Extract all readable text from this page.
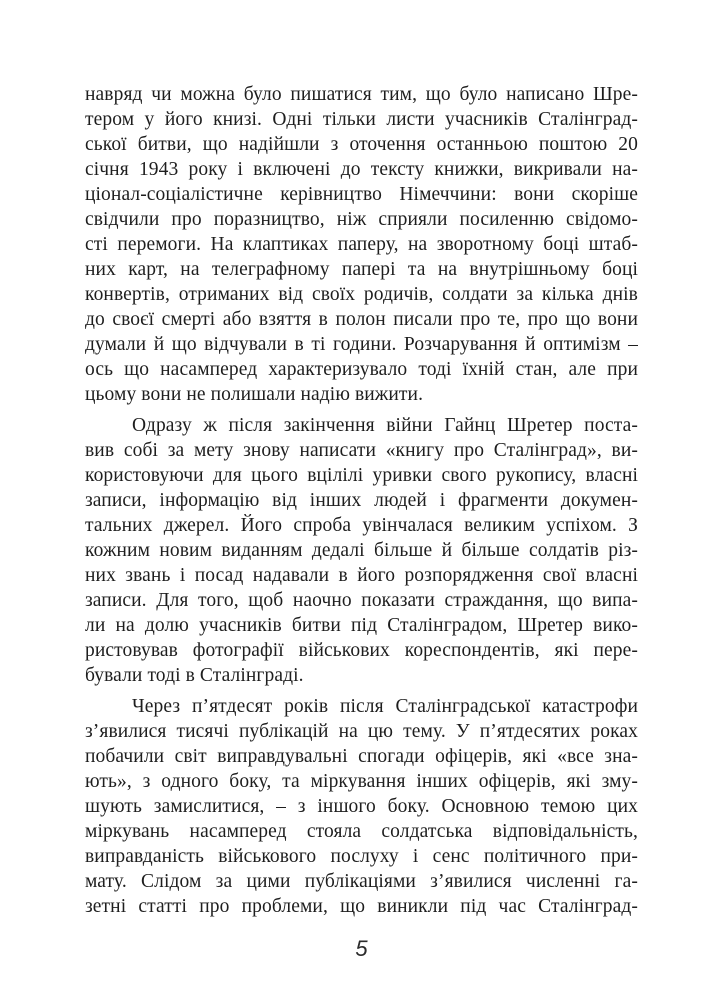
навряд чи можна було пишатися тим, що було написано Шре-
тером у його книзі. Одні тільки листи учасників Сталінград-
ської битви, що надійшли з оточення останньою поштою 20
січня 1943 року і включені до тексту книжки, викривали на-
ціонал-соціалістичне керівництво Німеччини: вони скоріше
свідчили про поразництво, ніж сприяли посиленню свідомо-
сті перемоги. На клаптиках паперу, на зворотному боці штаб-
них карт, на телеграфному папері та на внутрішньому боці
конвертів, отриманих від своїх родичів, солдати за кілька днів
до своєї смерті або взяття в полон писали про те, про що вони
думали й що відчували в ті години. Розчарування й оптимізм –
ось що насамперед характеризувало тоді їхній стан, але при
цьому вони не полишали надію вижити.

Одразу ж після закінчення війни Гайнц Шретер поста-
вив собі за мету знову написати «книгу про Сталінград», ви-
користовуючи для цього вцілілі уривки свого рукопису, власні
записи, інформацію від інших людей і фрагменти докумен-
тальних джерел. Його спроба увінчалася великим успіхом. З
кожним новим виданням дедалі більше й більше солдатів різ-
них звань і посад надавали в його розпорядження свої власні
записи. Для того, щоб наочно показати страждання, що випа-
ли на долю учасників битви під Сталінградом, Шретер вико-
ристовував фотографії військових кореспондентів, які пере-
бували тоді в Сталінграді.

Через п’ятдесят років після Сталінградської катастрофи
з’явилися тисячі публікацій на цю тему. У п’ятдесятих роках
побачили світ виправдувальні спогади офіцерів, які «все зна-
ють», з одного боку, та міркування інших офіцерів, які зму-
шують замислитися, – з іншого боку. Основною темою цих
міркувань насамперед стояла солдатська відповідальність,
виправданість військового послуху і сенс політичного при-
мату. Слідом за цими публікаціями з’явилися численні га-
зетні статті про проблеми, що виникли під час Сталінград-

5
